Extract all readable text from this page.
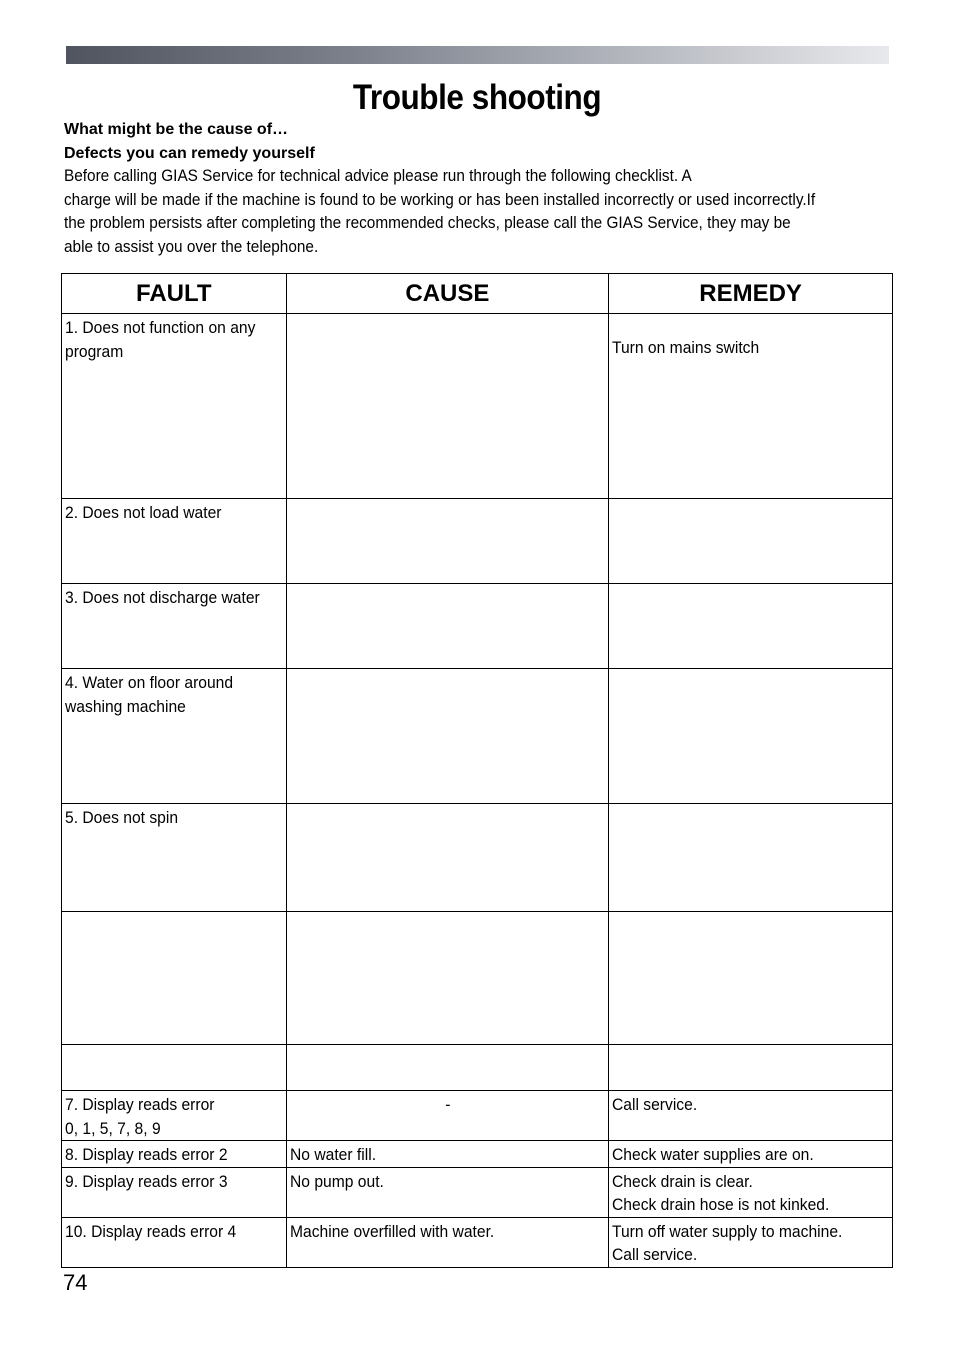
Trouble shooting

What might be the cause of…

Defects you can remedy yourself

Before calling GIAS Service for technical advice please run through the following checklist. A

charge will be made if the machine is found to be working or has been installed incorrectly or used incorrectly.If

the problem persists after completing the recommended checks, please call the GIAS Service, they may be

able to assist you over the telephone.

FAULT	CAUSE	REMEDY
1. Does not function on any
program		Turn on mains switch
2. Does not load water		
3. Does not discharge water		
4. Water on floor around
washing machine		
5. Does not spin		

7. Display reads error
0, 1, 5, 7, 8, 9	-	Call service.
8. Display reads error 2	No water fill.	Check water supplies are on.
9. Display reads error 3	No pump out.	Check drain is clear.
Check drain hose is not kinked.
10. Display reads error 4	Machine overfilled with water.	Turn off water supply to machine.
Call service.
74
